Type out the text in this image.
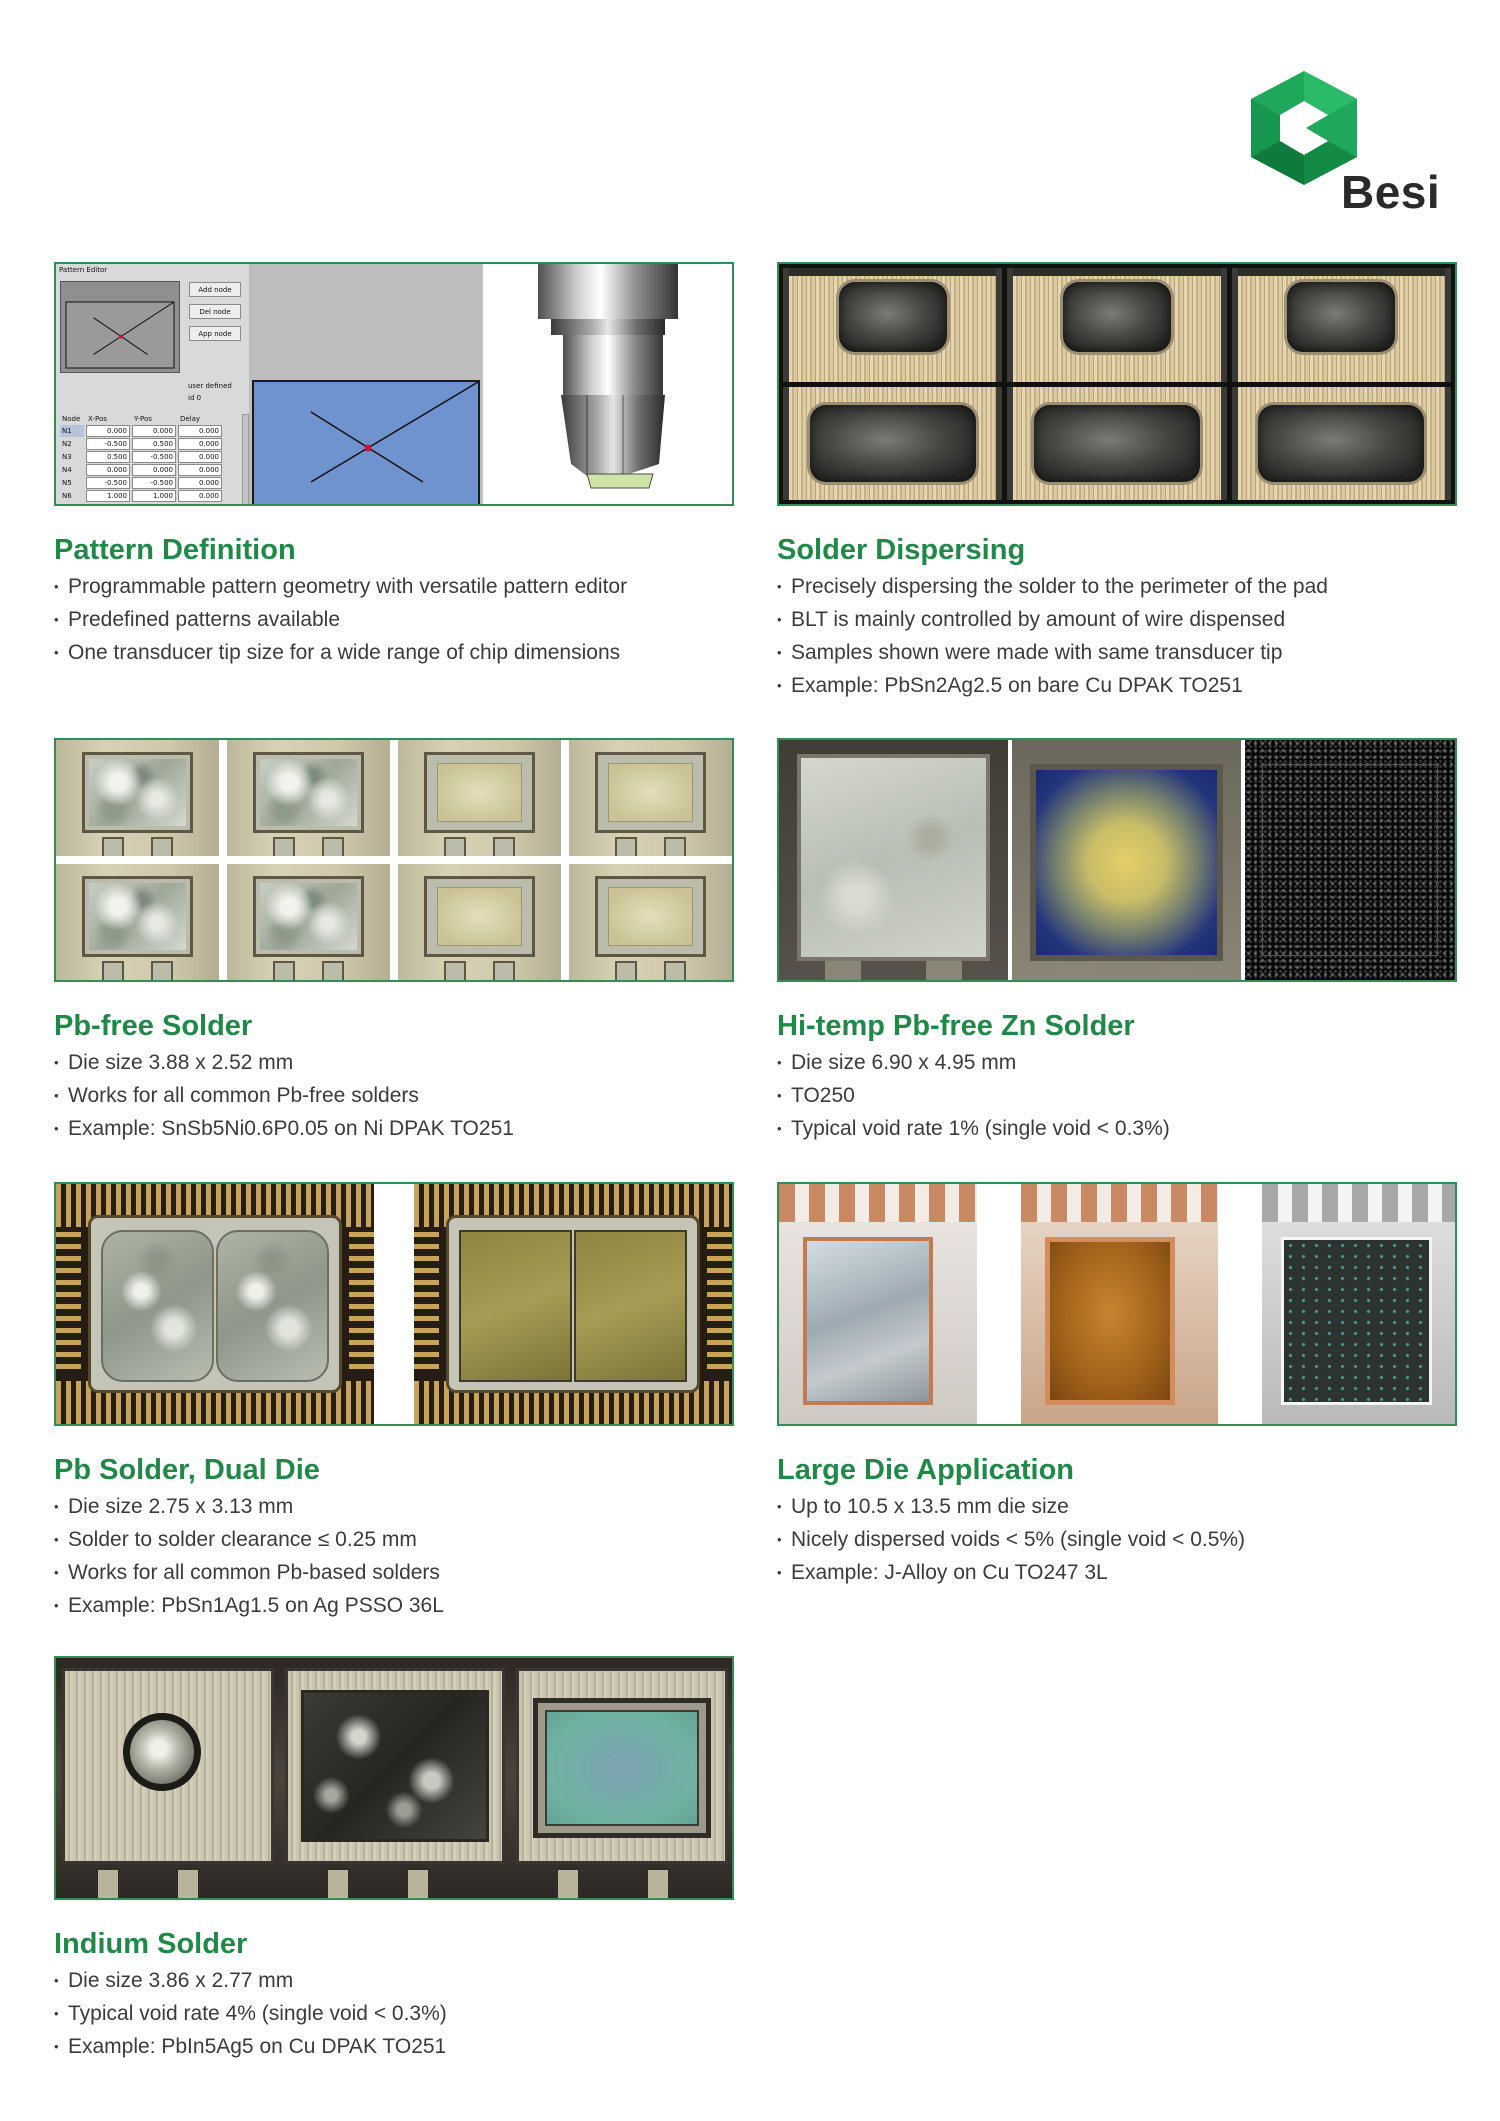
Besi
Pattern Editor
Add node
Del node
App node
user defined
id 0
Node	X-Pos	Y-Pos	Delay
N1	0.000	0.000	0.000
N2	-0.500	0.500	0.000
N3	0.500	-0.500	0.000
N4	0.000	0.000	0.000
N5	-0.500	-0.500	0.000
N6	1.000	1.000	0.000
Pattern Definition
• Programmable pattern geometry with versatile pattern editor
• Predefined patterns available
• One transducer tip size for a wide range of chip dimensions
Solder Dispersing
• Precisely dispersing the solder to the perimeter of the pad
• BLT is mainly controlled by amount of wire dispensed
• Samples shown were made with same transducer tip
• Example: PbSn2Ag2.5 on bare Cu DPAK TO251
Pb-free Solder
• Die size 3.88 x 2.52 mm
• Works for all common Pb-free solders
• Example: SnSb5Ni0.6P0.05 on Ni DPAK TO251
Hi-temp Pb-free Zn Solder
• Die size 6.90 x 4.95 mm
• TO250
• Typical void rate 1% (single void < 0.3%)
Pb Solder, Dual Die
• Die size 2.75 x 3.13 mm
• Solder to solder clearance ≤ 0.25 mm
• Works for all common Pb-based solders
• Example: PbSn1Ag1.5 on Ag PSSO 36L
Large Die Application
• Up to 10.5 x 13.5 mm die size
• Nicely dispersed voids < 5% (single void < 0.5%)
• Example: J-Alloy on Cu TO247 3L
Indium Solder
• Die size 3.86 x 2.77 mm
• Typical void rate 4% (single void < 0.3%)
• Example: PbIn5Ag5 on Cu DPAK TO251
